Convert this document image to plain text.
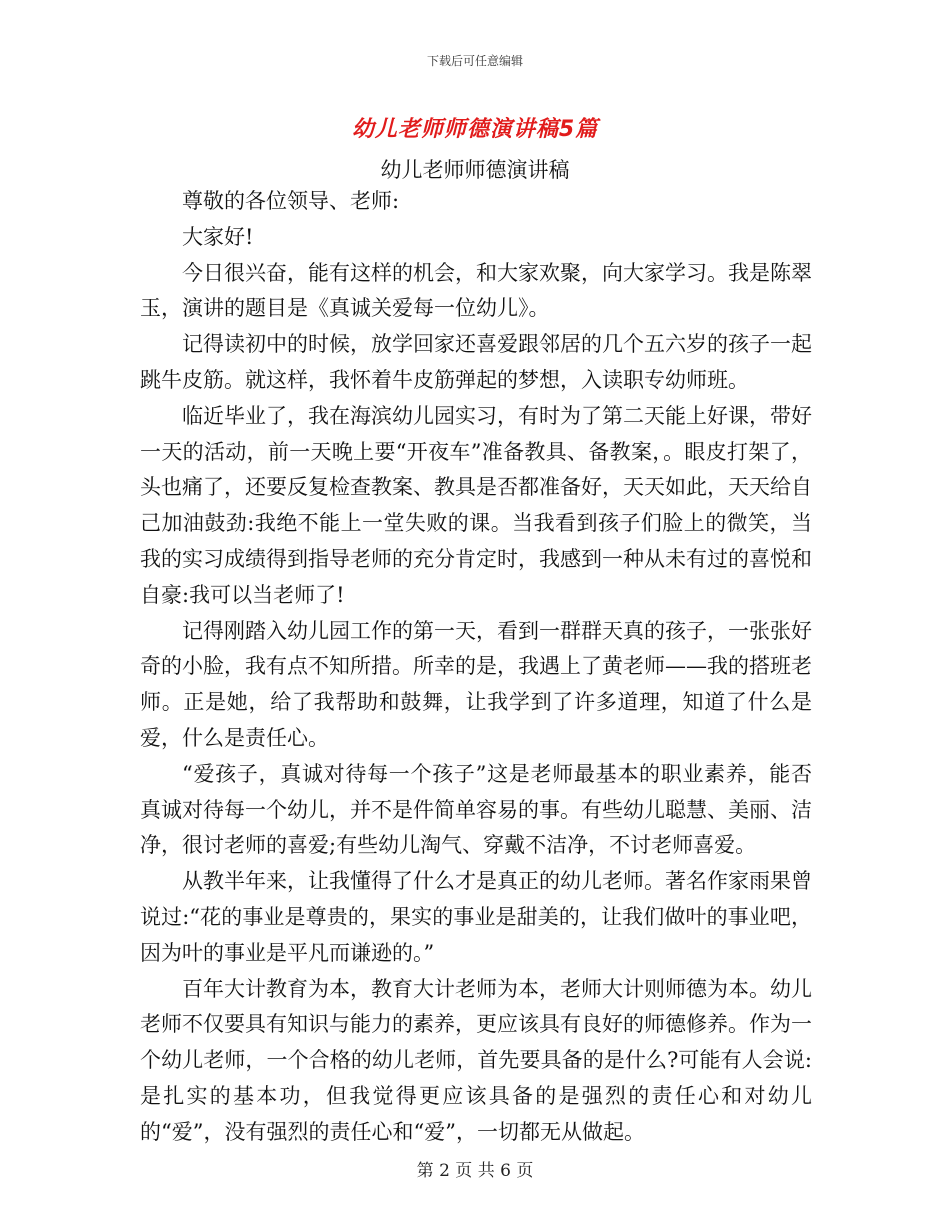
下载后可任意编辑
幼儿老师师德演讲稿5篇
幼儿老师师德演讲稿

尊敬的各位领导、老师:

大家好!

今日很兴奋，能有这样的机会，和大家欢聚，向大家学习。我是陈翠玉，演讲的题目是《真诚关爱每一位幼儿》。

记得读初中的时候，放学回家还喜爱跟邻居的几个五六岁的孩子一起跳牛皮筋。就这样，我怀着牛皮筋弹起的梦想，入读职专幼师班。

临近毕业了，我在海滨幼儿园实习，有时为了第二天能上好课，带好一天的活动，前一天晚上要“开夜车”准备教具、备教案，。眼皮打架了，头也痛了，还要反复检查教案、教具是否都准备好，天天如此，天天给自己加油鼓劲:我绝不能上一堂失败的课。当我看到孩子们脸上的微笑，当我的实习成绩得到指导老师的充分肯定时，我感到一种从未有过的喜悦和自豪:我可以当老师了!

记得刚踏入幼儿园工作的第一天，看到一群群天真的孩子，一张张好奇的小脸，我有点不知所措。所幸的是，我遇上了黄老师——我的搭班老师。正是她，给了我帮助和鼓舞，让我学到了许多道理，知道了什么是爱，什么是责任心。

“爱孩子，真诚对待每一个孩子”这是老师最基本的职业素养，能否真诚对待每一个幼儿，并不是件简单容易的事。有些幼儿聪慧、美丽、洁净，很讨老师的喜爱;有些幼儿淘气、穿戴不洁净，不讨老师喜爱。

从教半年来，让我懂得了什么才是真正的幼儿老师。著名作家雨果曾说过:“花的事业是尊贵的，果实的事业是甜美的，让我们做叶的事业吧，因为叶的事业是平凡而谦逊的。”

百年大计教育为本，教育大计老师为本，老师大计则师德为本。幼儿老师不仅要具有知识与能力的素养，更应该具有良好的师德修养。作为一个幼儿老师，一个合格的幼儿老师，首先要具备的是什么?可能有人会说:是扎实的基本功，但我觉得更应该具备的是强烈的责任心和对幼儿的“爱”，没有强烈的责任心和“爱”，一切都无从做起。

第 2 页 共 6 页
